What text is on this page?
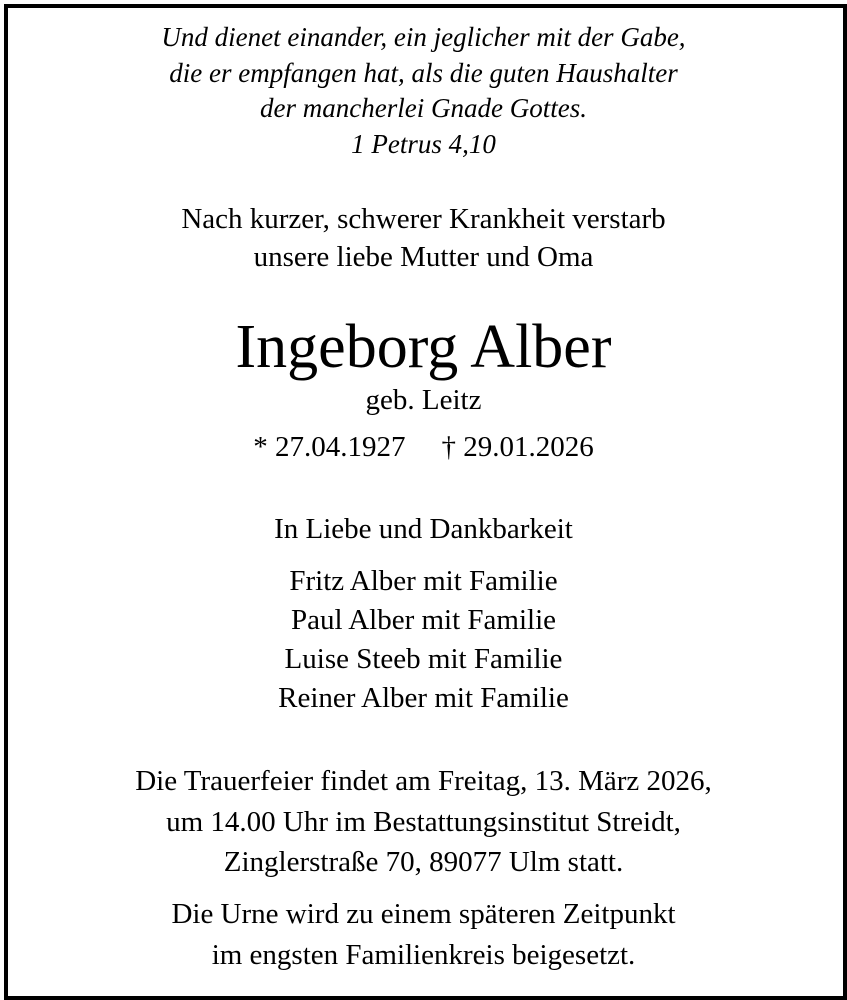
Und dienet einander, ein jeglicher mit der Gabe,
die er empfangen hat, als die guten Haushalter
der mancherlei Gnade Gottes.
1 Petrus 4,10
Nach kurzer, schwerer Krankheit verstarb
unsere liebe Mutter und Oma
Ingeborg Alber
geb. Leitz
* 27.04.1927 † 29.01.2026
In Liebe und Dankbarkeit
Fritz Alber mit Familie
Paul Alber mit Familie
Luise Steeb mit Familie
Reiner Alber mit Familie
Die Trauerfeier findet am Freitag, 13. März 2026,
um 14.00 Uhr im Bestattungsinstitut Streidt,
Zinglerstraße 70, 89077 Ulm statt.
Die Urne wird zu einem späteren Zeitpunkt
im engsten Familienkreis beigesetzt.
